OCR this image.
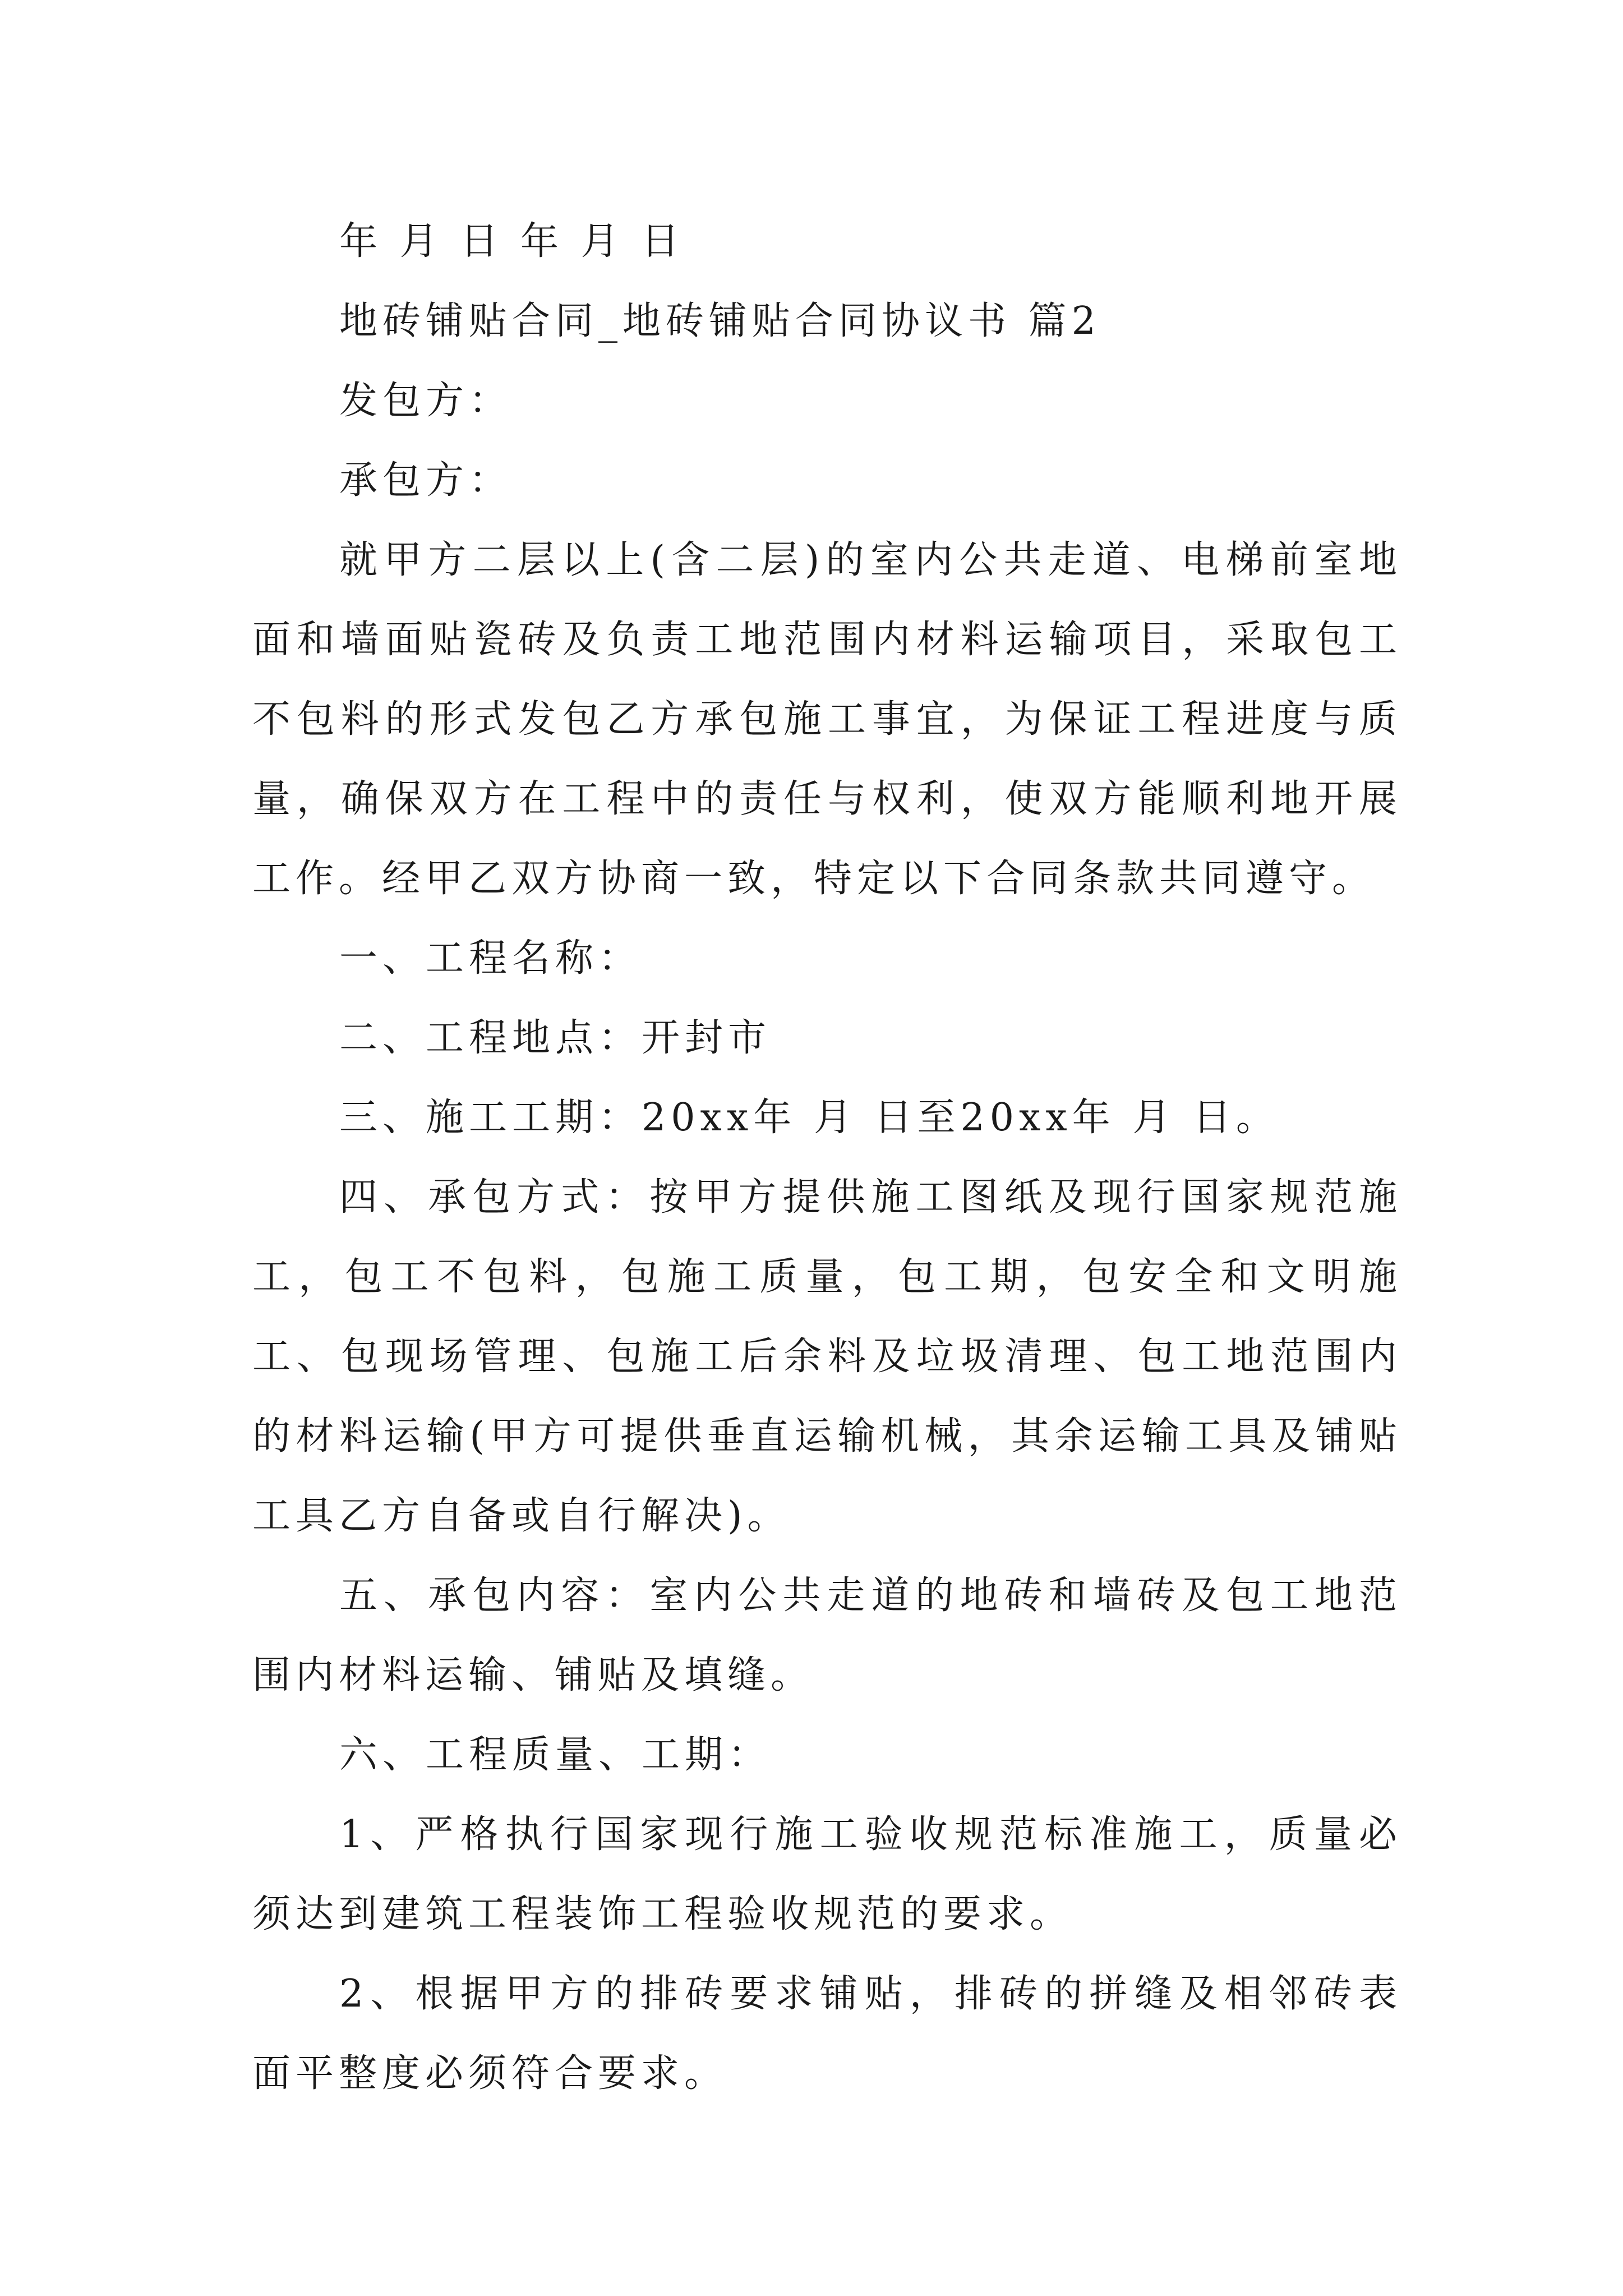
年 月 日 年 月 日

地砖铺贴合同_地砖铺贴合同协议书 篇2

发包方：

承包方：

就甲方二层以上(含二层)的室内公共走道、电梯前室地面和墙面贴瓷砖及负责工地范围内材料运输项目，采取包工不包料的形式发包乙方承包施工事宜，为保证工程进度与质量，确保双方在工程中的责任与权利，使双方能顺利地开展工作。经甲乙双方协商一致，特定以下合同条款共同遵守。

一、工程名称：

二、工程地点：开封市

三、施工工期：20xx年 月 日至20xx年 月 日。

四、承包方式：按甲方提供施工图纸及现行国家规范施工，包工不包料，包施工质量，包工期，包安全和文明施工、包现场管理、包施工后余料及垃圾清理、包工地范围内的材料运输(甲方可提供垂直运输机械，其余运输工具及铺贴工具乙方自备或自行解决)。

五、承包内容：室内公共走道的地砖和墙砖及包工地范围内材料运输、铺贴及填缝。

六、工程质量、工期：

1、严格执行国家现行施工验收规范标准施工，质量必须达到建筑工程装饰工程验收规范的要求。

2、根据甲方的排砖要求铺贴，排砖的拼缝及相邻砖表面平整度必须符合要求。
